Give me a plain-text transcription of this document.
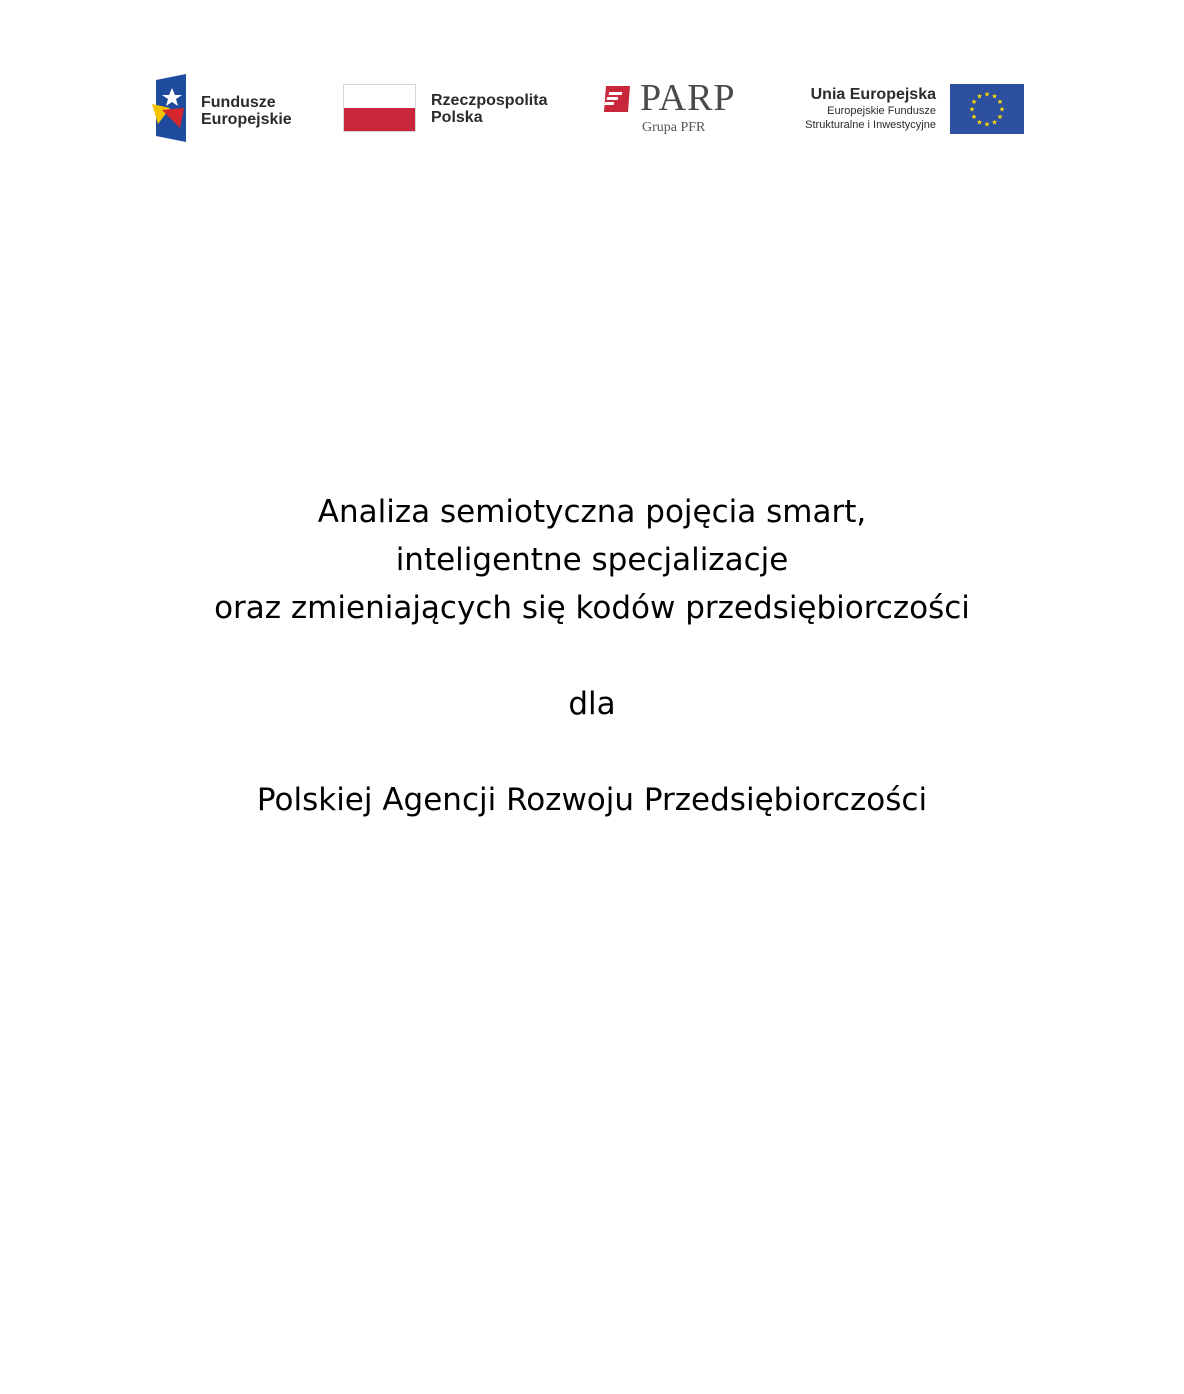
Fundusze
Europejskie
Rzeczpospolita
Polska	PARP
Grupa PFR
Unia Europejska
Europejskie Fundusze
Strukturalne i Inwestycyjne
★ ★
★
★
★
★
★
★
★
★
★
★
Analiza semiotyczna pojęcia smart,
inteligentne specjalizacje
oraz zmieniających się kodów przedsiębiorczości
dla
Polskiej Agencji Rozwoju Przedsiębiorczości
